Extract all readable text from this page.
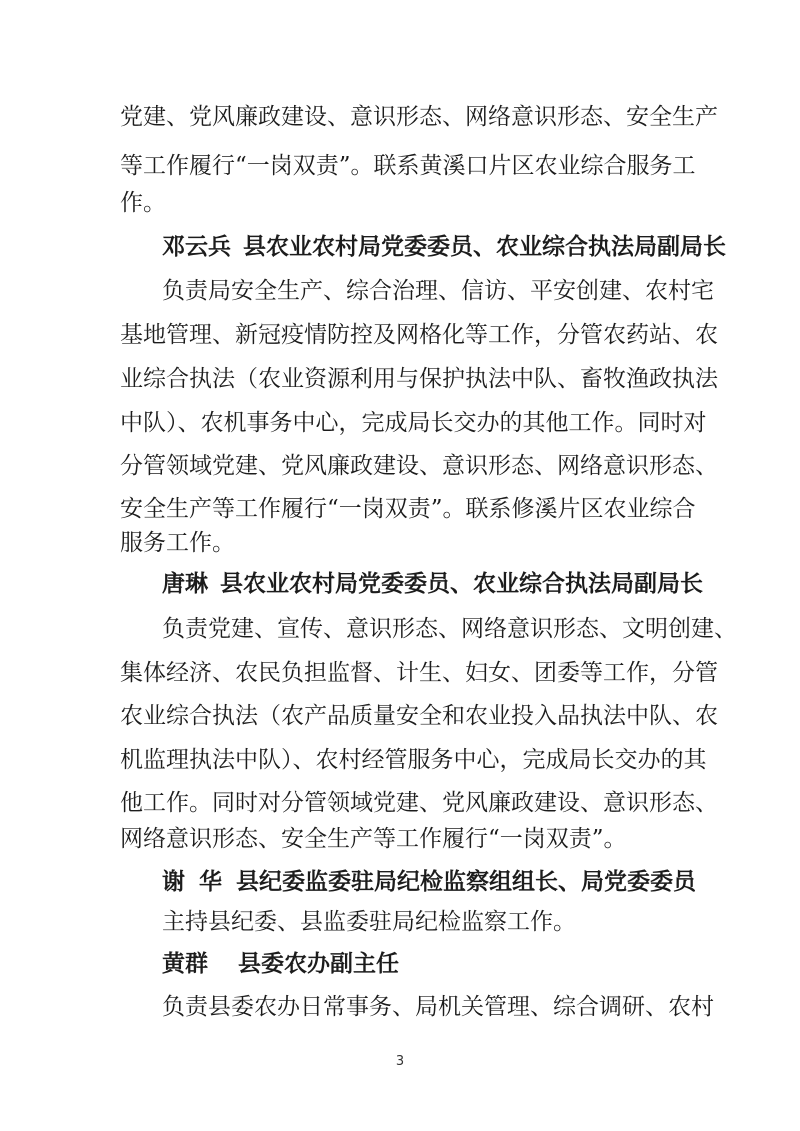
党建、党风廉政建设、意识形态、网络意识形态、安全生产
等工作履行“一岗双责”。联系黄溪口片区农业综合服务工
作。
邓云兵 县农业农村局党委委员、农业综合执法局副局长
负责局安全生产、综合治理、信访、平安创建、农村宅
基地管理、新冠疫情防控及网格化等工作，分管农药站、农
业综合执法（农业资源利用与保护执法中队、畜牧渔政执法
中队）、农机事务中心，完成局长交办的其他工作。同时对
分管领域党建、党风廉政建设、意识形态、网络意识形态、
安全生产等工作履行“一岗双责”。联系修溪片区农业综合
服务工作。
唐琳 县农业农村局党委委员、农业综合执法局副局长
负责党建、宣传、意识形态、网络意识形态、文明创建、
集体经济、农民负担监督、计生、妇女、团委等工作，分管
农业综合执法（农产品质量安全和农业投入品执法中队、农
机监理执法中队）、农村经管服务中心，完成局长交办的其
他工作。同时对分管领域党建、党风廉政建设、意识形态、
网络意识形态、安全生产等工作履行“一岗双责”。
谢华县纪委监委驻局纪检监察组组长、局党委委员
主持县纪委、县监委驻局纪检监察工作。
黄群 县委农办副主任
负责县委农办日常事务、局机关管理、综合调研、农村
3
